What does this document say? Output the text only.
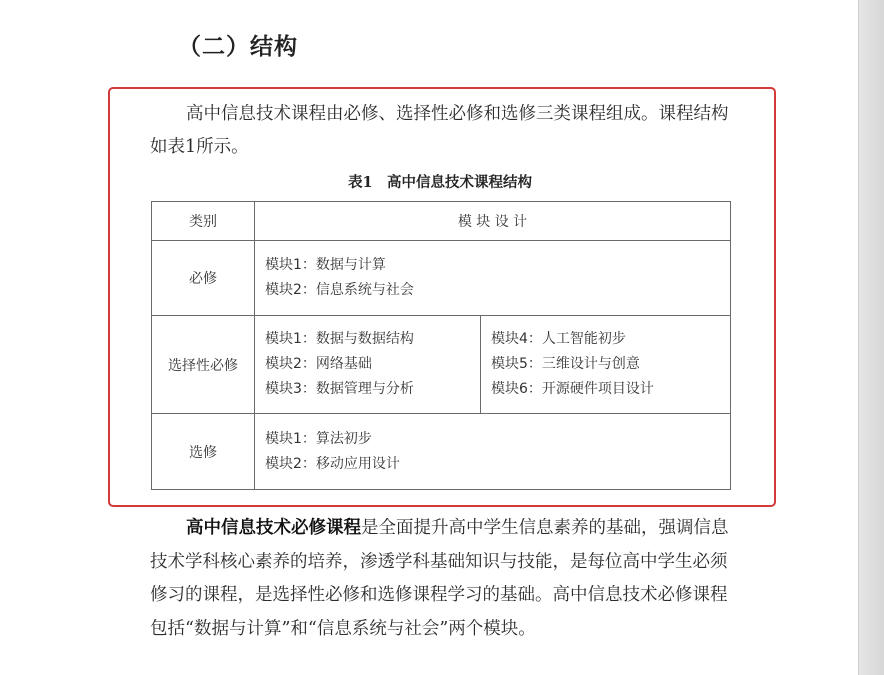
（二）结构

高中信息技术课程由必修、选择性必修和选修三类课程组成。课程结构如表1所示。

表1　高中信息技术课程结构
类别	模 块 设 计	
必修	模块1：数据与计算
模块2：信息系统与社会	

选择性必修	模块1：数据与数据结构
模块2：网络基础
模块3：数据管理与分析	模块4：人工智能初步
模块5：三维设计与创意
模块6：开源硬件项目设计

选修	模块1：算法初步
模块2：移动应用设计	

高中信息技术必修课程是全面提升高中学生信息素养的基础，强调信息技术学科核心素养的培养，渗透学科基础知识与技能，是每位高中学生必须修习的课程，是选择性必修和选修课程学习的基础。高中信息技术必修课程包括“数据与计算”和“信息系统与社会”两个模块。
